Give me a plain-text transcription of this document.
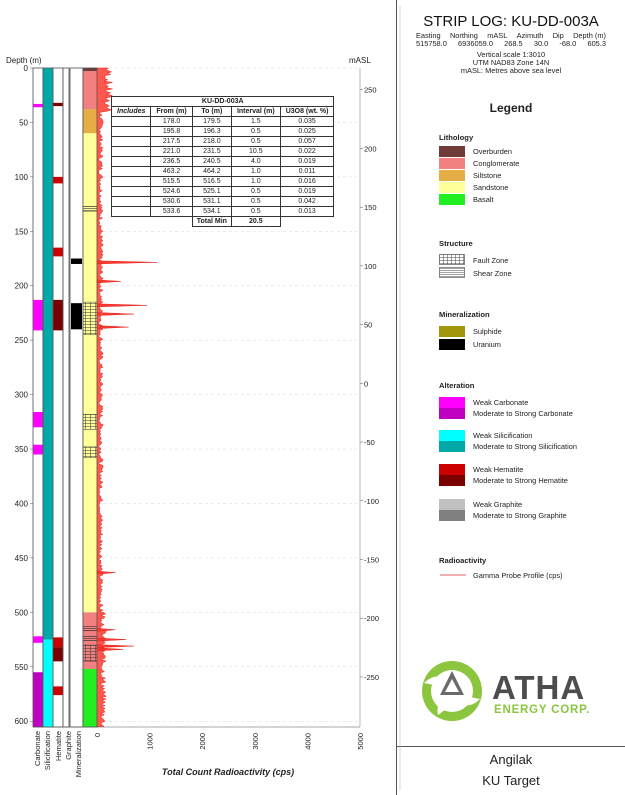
STRIP LOG: KU-DD-003A
Easting Northing mASL Azimuth Dip Depth (m)
515758.0 6936059.0 268.5 30.0 -68.0 605.3
Vertical scale 1:3010
UTM NAD83 Zone 14N
mASL: Metres above sea level
Legend
Lithology
Overburden
Conglomerate
Siltstone
Sandstone
Basalt
Structure
Fault Zone
Shear Zone
Mineralization
Sulphide
Uranium
Alteration
Weak Carbonate
Moderate to Strong Carbonate
Weak Silicification
Moderate to Strong Silicification
Weak Hematite
Moderate to Strong Hematite
Weak Graphite
Moderate to Strong Graphite
Radioactivity
Gamma Probe Profile (cps)
ATHA
ENERGY CORP.
Angilak
KU Target
Depth (m)
0
50
100
150
200
250
300
350
400
450
500
550
600
mASL
250
200
150
100
50
0
-50
-100
-150
-200
-250
0	1000	2000	3000	4000	5000
Total Count Radioactivity (cps)
Carbonate Silicification Hematite Graphite Mineralization
KU-DD-003A				
Includes	From (m)	To (m)	Interval (m)	U3O8 (wt. %)
	178.0	179.5	1.5	0.035
	195.8	196.3	0.5	0.025
	217.5	218.0	0.5	0.057
	221.0	231.5	10.5	0.022
	236.5	240.5	4.0	0.019
	463.2	464.2	1.0	0.011
	515.5	516.5	1.0	0.016
	524.6	525.1	0.5	0.019
	530.6	531.1	0.5	0.042
	533.6	534.1	0.5	0.013
		Total Min	20.5	
